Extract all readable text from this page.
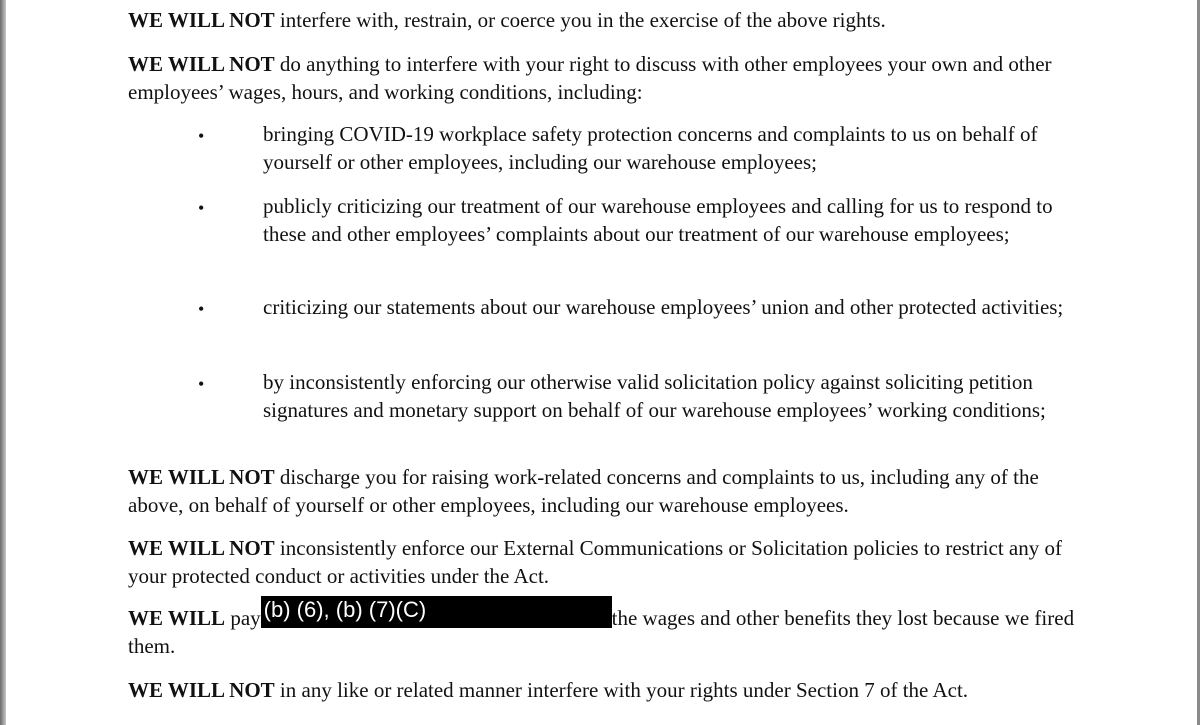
WE WILL NOT interfere with, restrain, or coerce you in the exercise of the above rights.

WE WILL NOT do anything to interfere with your right to discuss with other employees your own and other employees’ wages, hours, and working conditions, including:

•	bringing COVID-19 workplace safety protection concerns and complaints to us on behalf of yourself or other employees, including our warehouse employees;

•	publicly criticizing our treatment of our warehouse employees and calling for us to respond to these and other employees’ complaints about our treatment of our warehouse employees;

•	criticizing our statements about our warehouse employees’ union and other protected activities;

•	by inconsistently enforcing our otherwise valid solicitation policy against soliciting petition signatures and monetary support on behalf of our warehouse employees’ working conditions;

WE WILL NOT discharge you for raising work-related concerns and complaints to us, including any of the above, on behalf of yourself or other employees, including our warehouse employees.

WE WILL NOT inconsistently enforce our External Communications or Solicitation policies to restrict any of your protected conduct or activities under the Act.

WE WILL pay (b) (6), (b) (7)(C)	the wages and other benefits they lost because we fired them.

WE WILL NOT in any like or related manner interfere with your rights under Section 7 of the Act.
